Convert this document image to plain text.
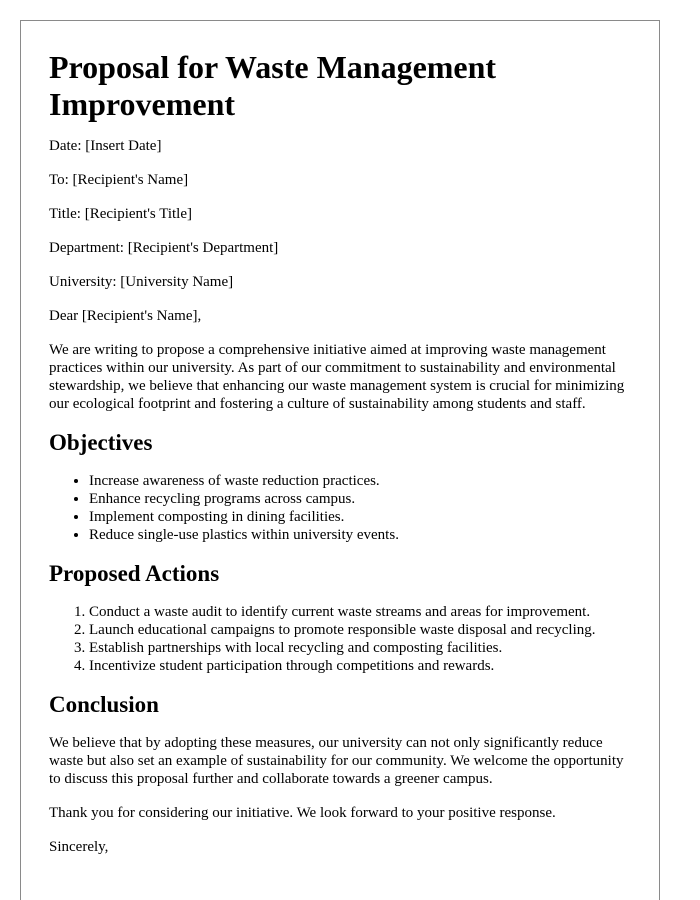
Proposal for Waste Management Improvement

Date: [Insert Date]

To: [Recipient's Name]

Title: [Recipient's Title]

Department: [Recipient's Department]

University: [University Name]

Dear [Recipient's Name],

We are writing to propose a comprehensive initiative aimed at improving waste management practices within our university. As part of our commitment to sustainability and environmental stewardship, we believe that enhancing our waste management system is crucial for minimizing our ecological footprint and fostering a culture of sustainability among students and staff.

Objectives
• Increase awareness of waste reduction practices.
• Enhance recycling programs across campus.
• Implement composting in dining facilities.
• Reduce single-use plastics within university events.
Proposed Actions
1. Conduct a waste audit to identify current waste streams and areas for improvement.
2. Launch educational campaigns to promote responsible waste disposal and recycling.
3. Establish partnerships with local recycling and composting facilities.
4. Incentivize student participation through competitions and rewards.
Conclusion

We believe that by adopting these measures, our university can not only significantly reduce waste but also set an example of sustainability for our community. We welcome the opportunity to discuss this proposal further and collaborate towards a greener campus.

Thank you for considering our initiative. We look forward to your positive response.

Sincerely,
